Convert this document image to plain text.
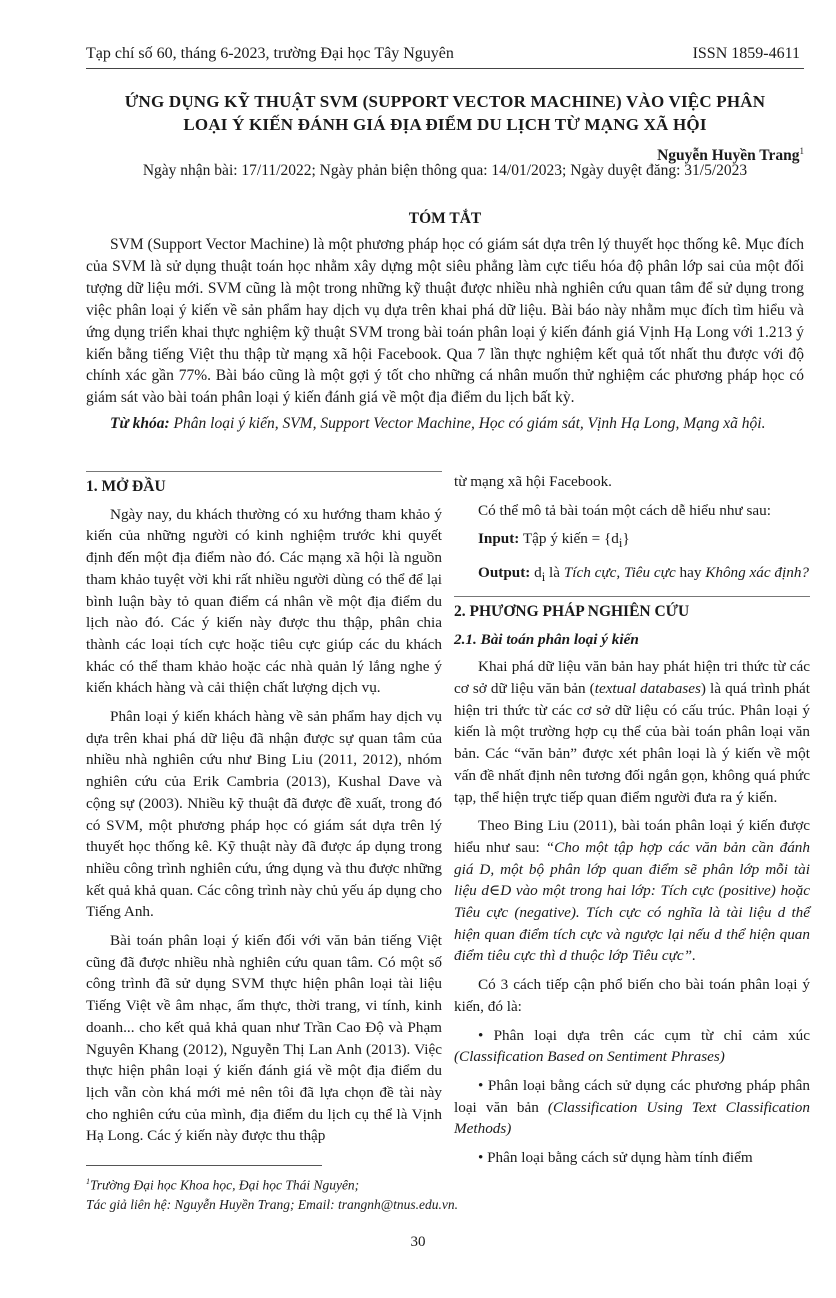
Tạp chí số 60, tháng 6-2023, trường Đại học Tây Nguyên	ISSN 1859-4611
ỨNG DỤNG KỸ THUẬT SVM (SUPPORT VECTOR MACHINE) VÀO VIỆC PHÂN
LOẠI Ý KIẾN ĐÁNH GIÁ ĐỊA ĐIỂM DU LỊCH TỪ MẠNG XÃ HỘI
Nguyễn Huyền Trang$^1$
Ngày nhận bài: 17/11/2022; Ngày phản biện thông qua: 14/01/2023; Ngày duyệt đăng: 31/5/2023
TÓM TẮT

SVM (Support Vector Machine) là một phương pháp học có giám sát dựa trên lý thuyết học thống kê. Mục đích của SVM là sử dụng thuật toán học nhằm xây dựng một siêu phẳng làm cực tiểu hóa độ phân lớp sai của một đối tượng dữ liệu mới. SVM cũng là một trong những kỹ thuật được nhiều nhà nghiên cứu quan tâm để sử dụng trong việc phân loại ý kiến về sản phẩm hay dịch vụ dựa trên khai phá dữ liệu. Bài báo này nhằm mục đích tìm hiểu và ứng dụng triển khai thực nghiệm kỹ thuật SVM trong bài toán phân loại ý kiến đánh giá Vịnh Hạ Long với 1.213 ý kiến bằng tiếng Việt thu thập từ mạng xã hội Facebook. Qua 7 lần thực nghiệm kết quả tốt nhất thu được với độ chính xác gần 77%. Bài báo cũng là một gợi ý tốt cho những cá nhân muốn thử nghiệm các phương pháp học có giám sát vào bài toán phân loại ý kiến đánh giá về một địa điểm du lịch bất kỳ.

Từ khóa: Phân loại ý kiến, SVM, Support Vector Machine, Học có giám sát, Vịnh Hạ Long, Mạng xã hội.

1. MỞ ĐẦU

Ngày nay, du khách thường có xu hướng tham khảo ý kiến của những người có kinh nghiệm trước khi quyết định đến một địa điểm nào đó. Các mạng xã hội là nguồn tham khảo tuyệt vời khi rất nhiều người dùng có thể để lại bình luận bày tỏ quan điểm cá nhân về một địa điểm du lịch nào đó. Các ý kiến này được thu thập, phân chia thành các loại tích cực hoặc tiêu cực giúp các du khách khác có thể tham khảo hoặc các nhà quản lý lắng nghe ý kiến khách hàng và cải thiện chất lượng dịch vụ.

Phân loại ý kiến khách hàng về sản phẩm hay dịch vụ dựa trên khai phá dữ liệu đã nhận được sự quan tâm của nhiều nhà nghiên cứu như Bing Liu (2011, 2012), nhóm nghiên cứu của Erik Cambria (2013), Kushal Dave và cộng sự (2003). Nhiều kỹ thuật đã được đề xuất, trong đó có SVM, một phương pháp học có giám sát dựa trên lý thuyết học thống kê. Kỹ thuật này đã được áp dụng trong nhiều công trình nghiên cứu, ứng dụng và thu được những kết quả khả quan. Các công trình này chủ yếu áp dụng cho Tiếng Anh.

Bài toán phân loại ý kiến đối với văn bản tiếng Việt cũng đã được nhiều nhà nghiên cứu quan tâm. Có một số công trình đã sử dụng SVM thực hiện phân loại tài liệu Tiếng Việt về âm nhạc, ẩm thực, thời trang, vi tính, kinh doanh... cho kết quả khả quan như Trần Cao Độ và Phạm Nguyên Khang (2012), Nguyễn Thị Lan Anh (2013). Việc thực hiện phân loại ý kiến đánh giá về một địa điểm du lịch vẫn còn khá mới mẻ nên tôi đã lựa chọn đề tài này cho nghiên cứu của mình, địa điểm du lịch cụ thể là Vịnh Hạ Long. Các ý kiến này được thu thập

từ mạng xã hội Facebook.

Có thể mô tả bài toán một cách dễ hiểu như sau:

Input: Tập ý kiến = $\{d_i\}$

Output: $d_i$ là Tích cực, Tiêu cực hay Không xác định?

2. PHƯƠNG PHÁP NGHIÊN CỨU

2.1. Bài toán phân loại ý kiến

Khai phá dữ liệu văn bản hay phát hiện tri thức từ các cơ sở dữ liệu văn bản (textual databases) là quá trình phát hiện tri thức từ các cơ sở dữ liệu có cấu trúc. Phân loại ý kiến là một trường hợp cụ thể của bài toán phân loại văn bản. Các “văn bản” được xét phân loại là ý kiến về một vấn đề nhất định nên tương đối ngắn gọn, không quá phức tạp, thể hiện trực tiếp quan điểm người đưa ra ý kiến.

Theo Bing Liu (2011), bài toán phân loại ý kiến được hiểu như sau: “Cho một tập hợp các văn bản cần đánh giá D, một bộ phân lớp quan điểm sẽ phân lớp mỗi tài liệu d∈D vào một trong hai lớp: Tích cực (positive) hoặc Tiêu cực (negative). Tích cực có nghĩa là tài liệu d thể hiện quan điểm tích cực và ngược lại nếu d thể hiện quan điểm tiêu cực thì d thuộc lớp Tiêu cực”.

Có 3 cách tiếp cận phổ biến cho bài toán phân loại ý kiến, đó là:

• Phân loại dựa trên các cụm từ chỉ cảm xúc (Classification Based on Sentiment Phrases)

• Phân loại bằng cách sử dụng các phương pháp phân loại văn bản (Classification Using Text Classification Methods)

• Phân loại bằng cách sử dụng hàm tính điểm

$^1$Trường Đại học Khoa học, Đại học Thái Nguyên;
Tác giả liên hệ: Nguyễn Huyền Trang; Email: trangnh@tnus.edu.vn.
30
